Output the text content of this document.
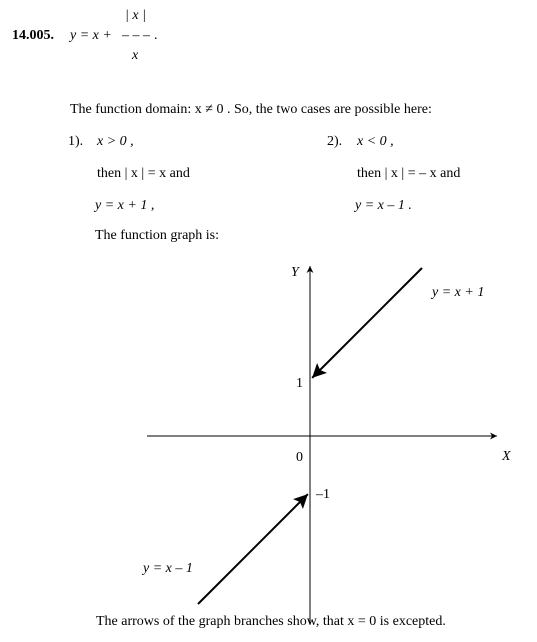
14.005. y = x +
| x |
– – –
x
.
The function domain: x ≠ 0 . So, the two cases are possible here:
1). x > 0 ,
then | x | = x and
y = x + 1 ,
2). x < 0 ,
then | x | = – x and
y = x – 1 .
The function graph is:
Y
X
0
1
–1
y = x + 1
y = x – 1
The arrows of the graph branches show, that x = 0 is excepted.
